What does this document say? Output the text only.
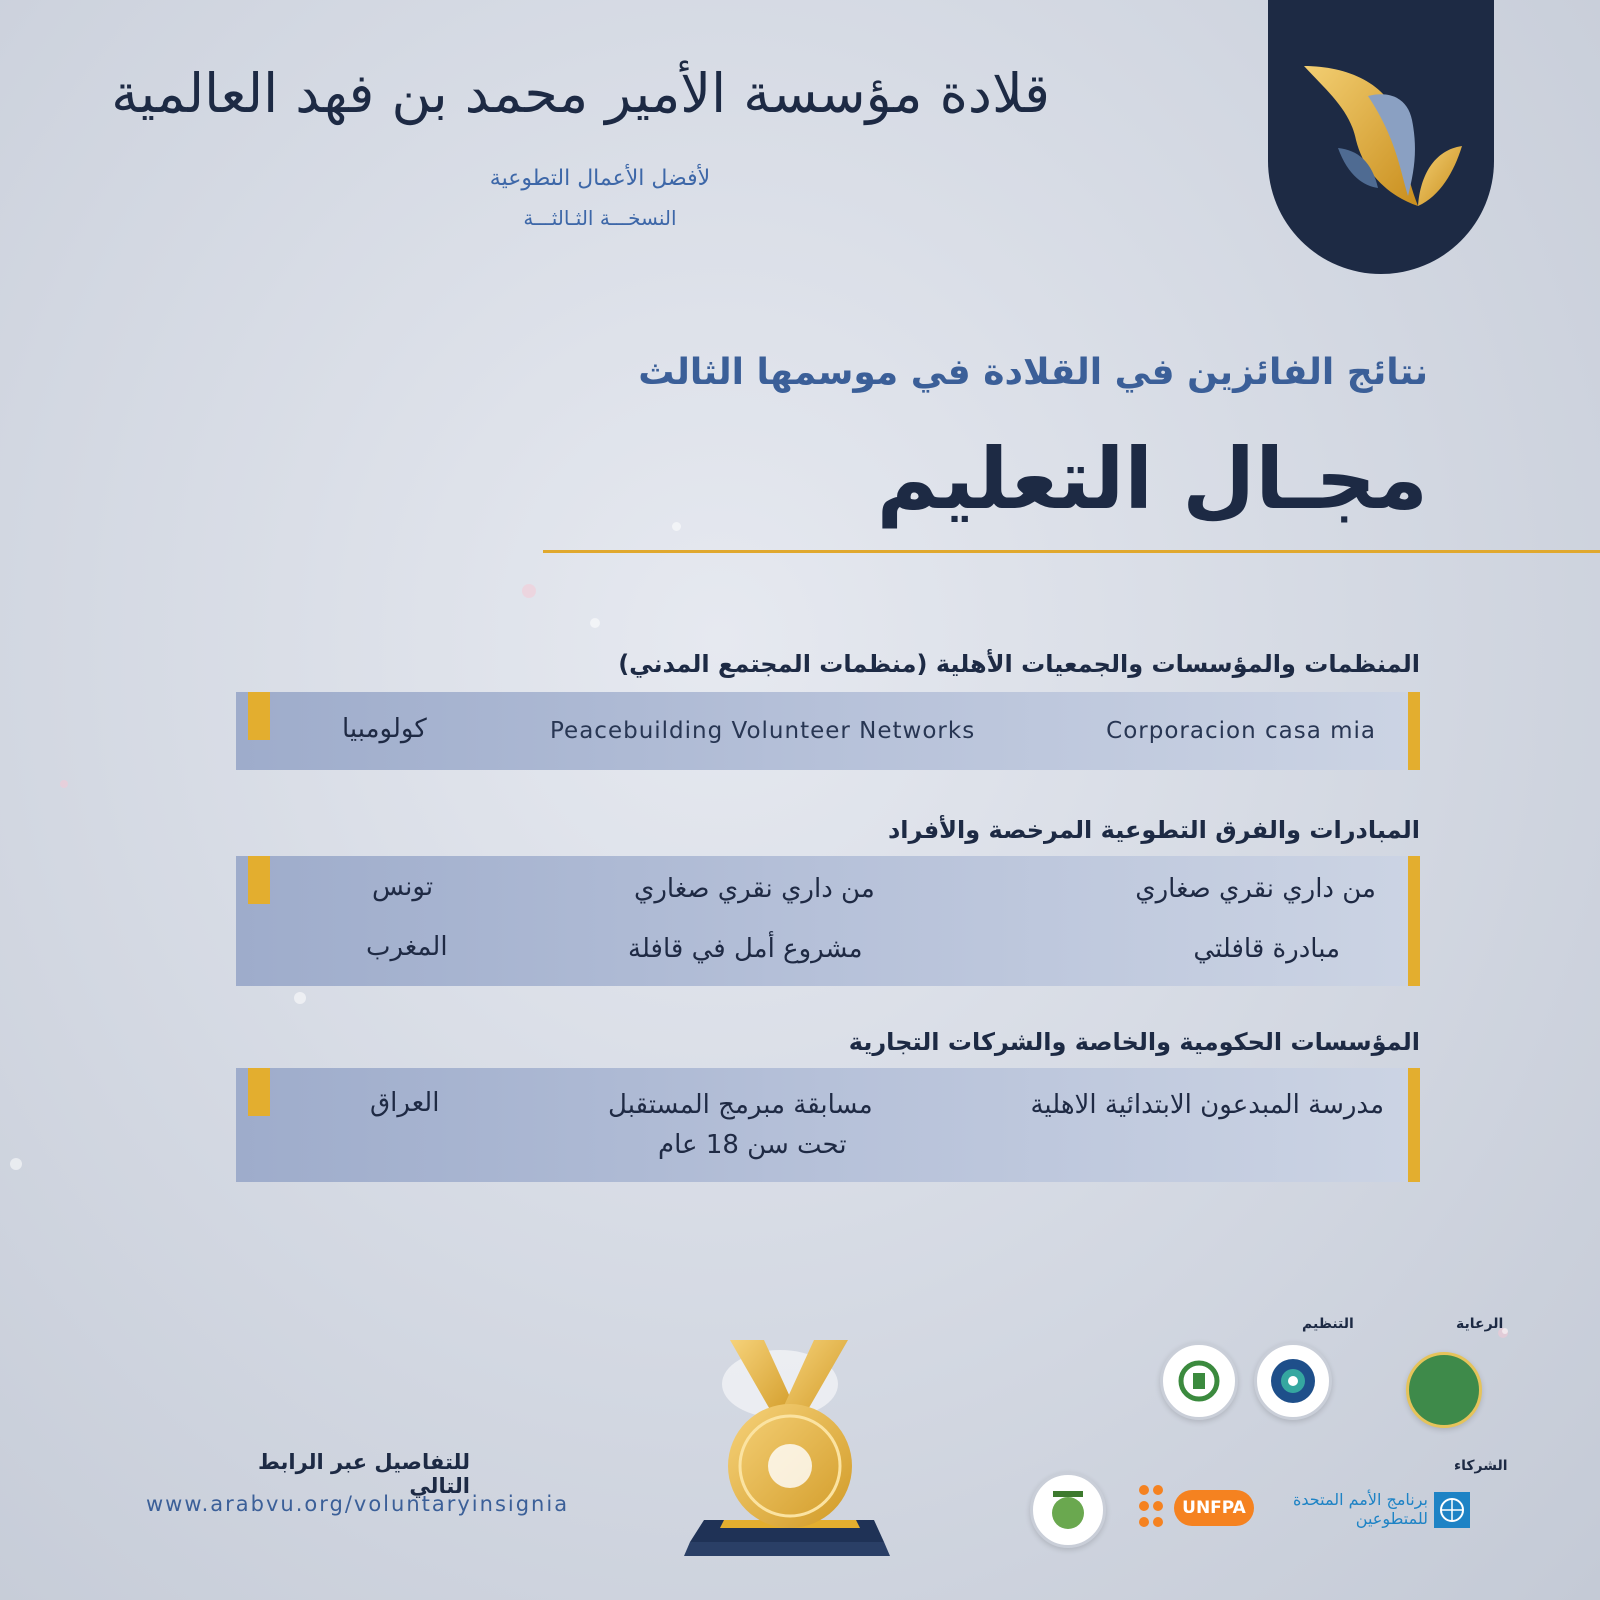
قلادة مؤسسة الأمير محمد بن فهد العالمية
لأفضل الأعمال التطوعية
النسخـــة الثـالثـــة
نتائج الفائزين في القلادة في موسمها الثالث
مجـال التعليم
المنظمات والمؤسسات والجمعيات الأهلية (منظمات المجتمع المدني)
Corporacion casa mia
Peacebuilding Volunteer Networks
كولومبيا
المبادرات والفرق التطوعية المرخصة والأفراد
من داري نقري صغاري
من داري نقري صغاري
تونس
مبادرة قافلتي
مشروع أمل في قافلة
المغرب
المؤسسات الحكومية والخاصة والشركات التجارية
مدرسة المبدعون الابتدائية الاهلية
مسابقة مبرمج المستقبل
تحت سن 18 عام
العراق
للتفاصيل عبر الرابط التالي
www.arabvu.org/voluntaryinsignia
الرعاية
التنظيم
الشركاء
برنامج الأمم المتحدة للمتطوعين
UNFPA
